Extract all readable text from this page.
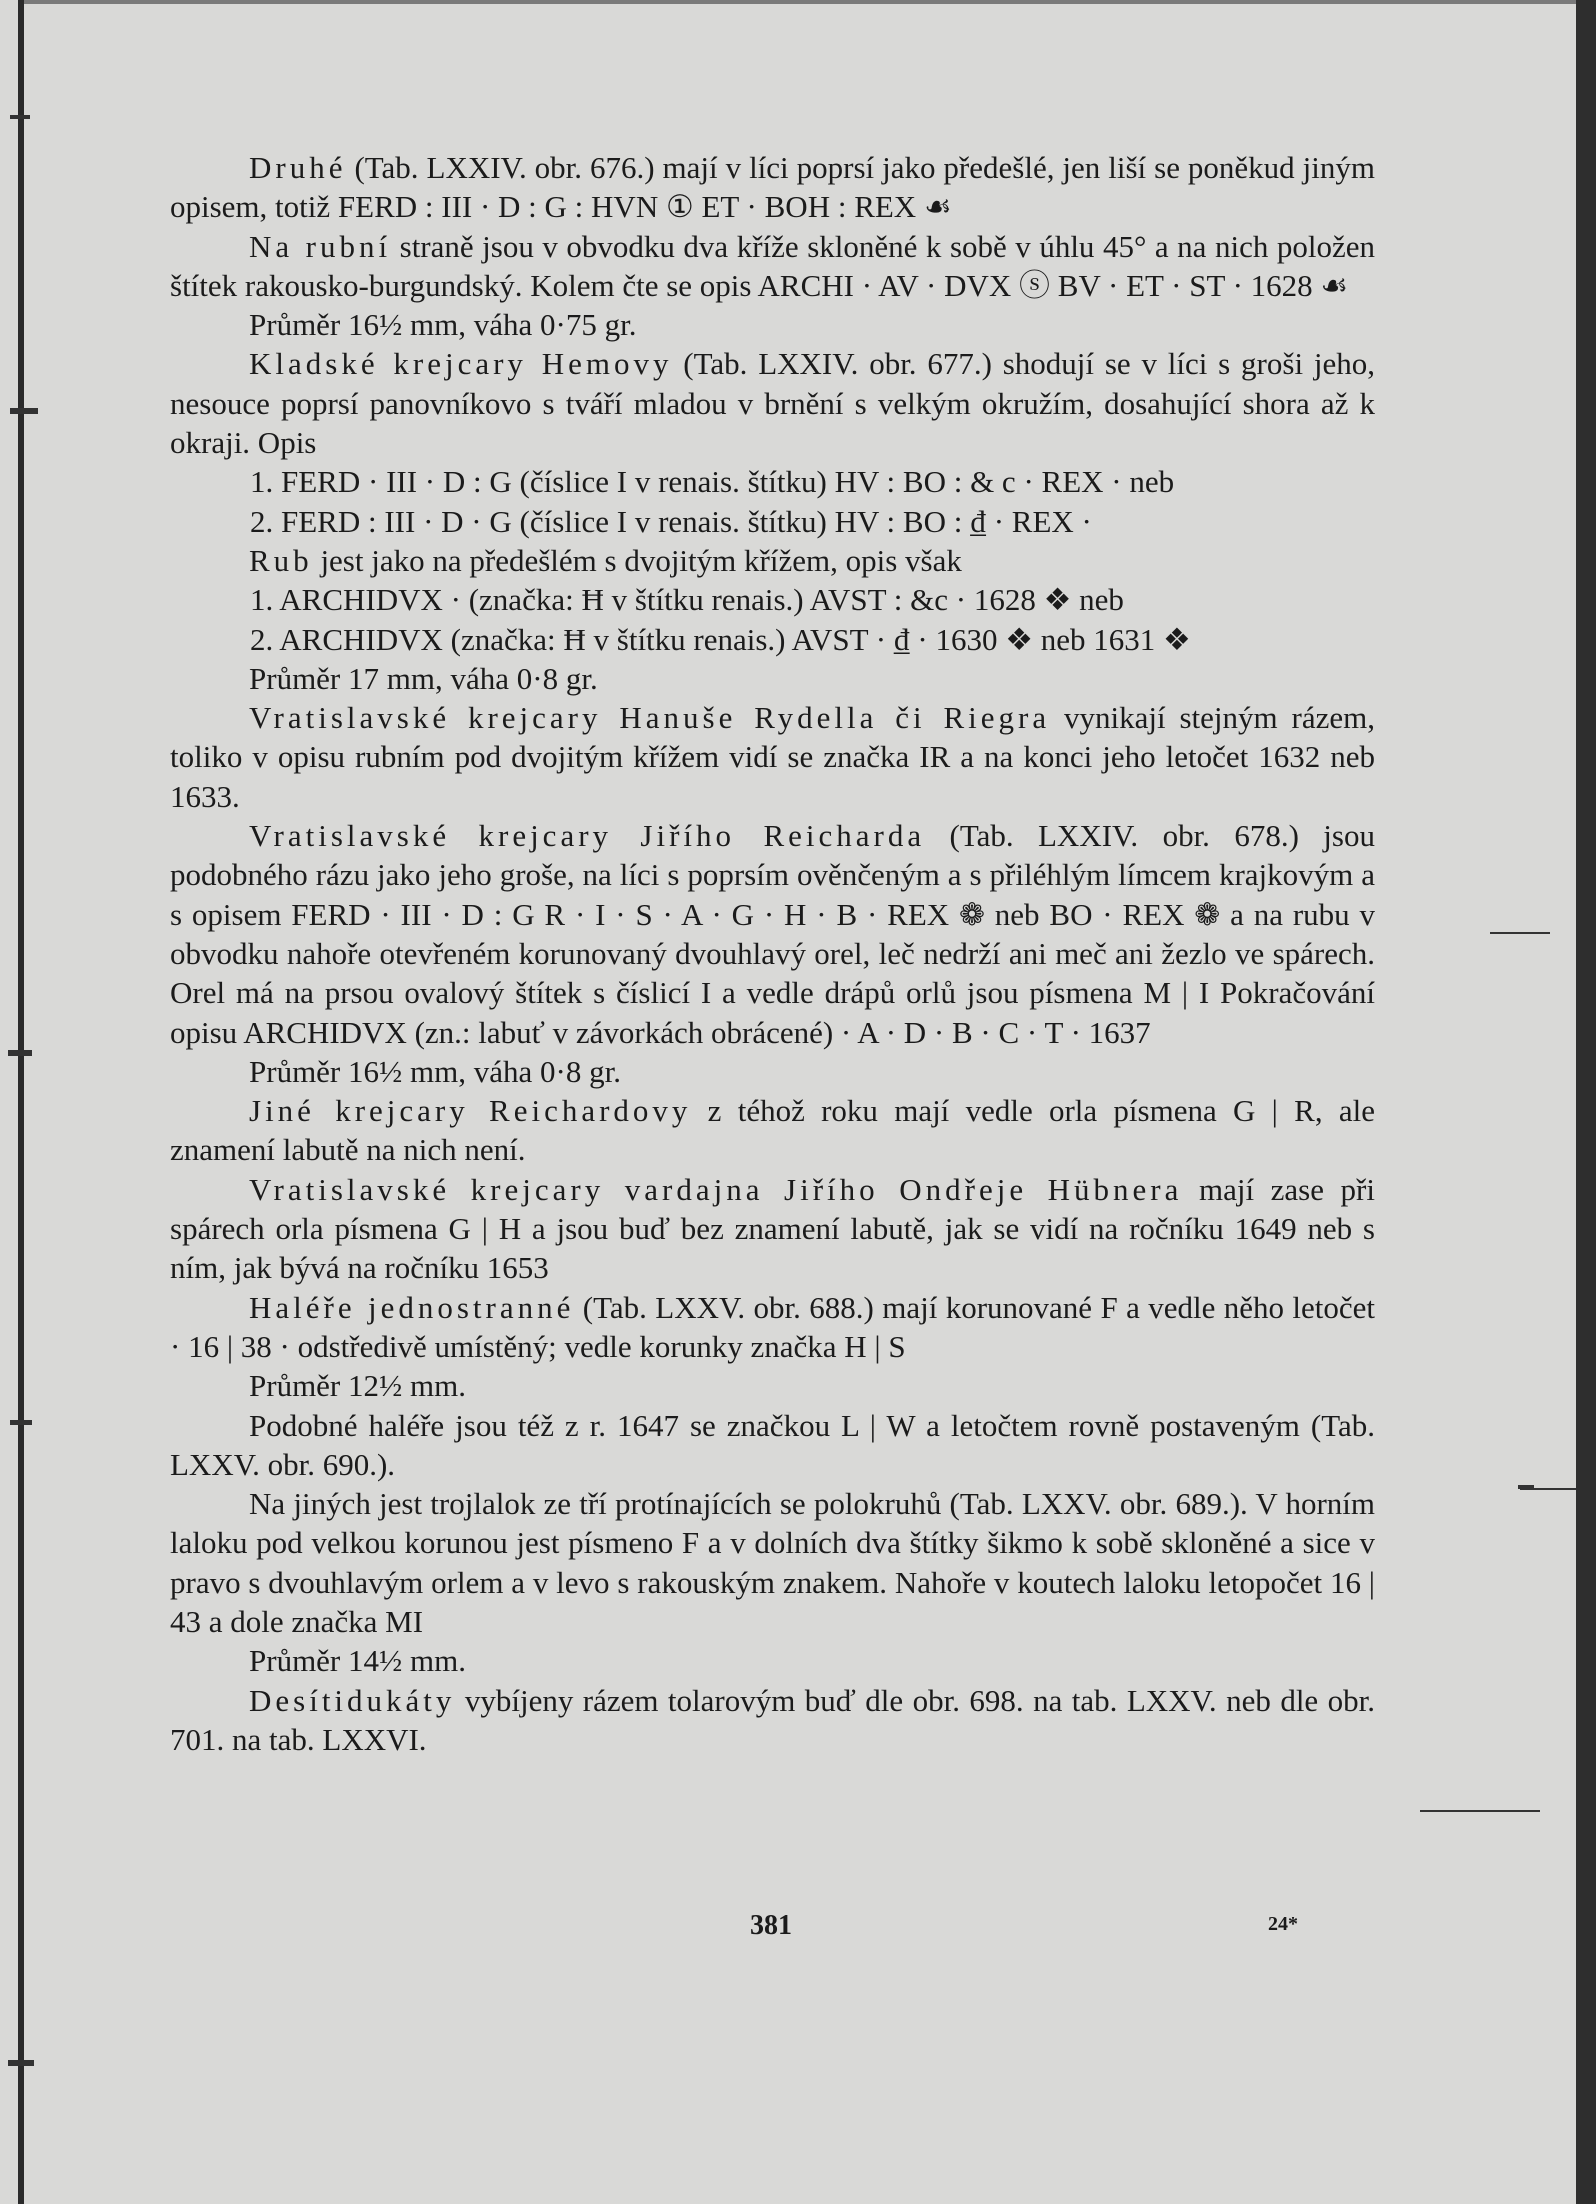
Druhé (Tab. LXXIV. obr. 676.) mají v líci poprsí jako předešlé, jen liší se poněkud jiným opisem, totiž FERD : III · D : G : HVN ① ET · BOH : REX ☙

Na rubní straně jsou v obvodku dva kříže skloněné k sobě v úhlu 45° a na nich položen štítek rakousko-burgundský. Kolem čte se opis ARCHI · AV · DVX ⓢ BV · ET · ST · 1628 ☙

Průměr 16½ mm, váha 0·75 gr.

Kladské krejcary Hemovy (Tab. LXXIV. obr. 677.) shodují se v líci s groši jeho, nesouce poprsí panovníkovo s tváří mladou v brnění s velkým okružím, dosahující shora až k okraji. Opis

1. FERD · III · D : G (číslice I v renais. štítku) HV : BO : & c · REX · neb

2. FERD : III · D · G (číslice I v renais. štítku) HV : BO : ₫ · REX ·

Rub jest jako na předešlém s dvojitým křížem, opis však

1. ARCHIDVX · (značka: Ħ v štítku renais.) AVST : &c · 1628 ❖ neb

2. ARCHIDVX (značka: Ħ v štítku renais.) AVST · ₫ · 1630 ❖ neb 1631 ❖

Průměr 17 mm, váha 0·8 gr.

Vratislavské krejcary Hanuše Rydella či Riegra vynikají stejným rázem, toliko v opisu rubním pod dvojitým křížem vidí se značka IR a na konci jeho letočet 1632 neb 1633.

Vratislavské krejcary Jiřího Reicharda (Tab. LXXIV. obr. 678.) jsou podobného rázu jako jeho groše, na líci s poprsím ověnčeným a s přiléhlým límcem krajkovým a s opisem FERD · III · D : G R · I · S · A · G · H · B · REX ❁ neb BO · REX ❁ a na rubu v obvodku nahoře otevřeném korunovaný dvouhlavý orel, leč nedrží ani meč ani žezlo ve spárech. Orel má na prsou ovalový štítek s číslicí I a vedle drápů orlů jsou písmena M | I Pokračování opisu ARCHIDVX (zn.: labuť v závorkách obrácené) · A · D · B · C · T · 1637

Průměr 16½ mm, váha 0·8 gr.

Jiné krejcary Reichardovy z téhož roku mají vedle orla písmena G | R, ale znamení labutě na nich není.

Vratislavské krejcary vardajna Jiřího Ondřeje Hübnera mají zase při spárech orla písmena G | H a jsou buď bez znamení labutě, jak se vidí na ročníku 1649 neb s ním, jak bývá na ročníku 1653

Haléře jednostranné (Tab. LXXV. obr. 688.) mají korunované F a vedle něho letočet · 16 | 38 · odstředivě umístěný; vedle korunky značka H | S

Průměr 12½ mm.

Podobné haléře jsou též z r. 1647 se značkou L | W a letočtem rovně postaveným (Tab. LXXV. obr. 690.).

Na jiných jest trojlalok ze tří protínajících se polokruhů (Tab. LXXV. obr. 689.). V horním laloku pod velkou korunou jest písmeno F a v dolních dva štítky šikmo k sobě skloněné a sice v pravo s dvouhlavým orlem a v levo s rakouským znakem. Nahoře v koutech laloku letopočet 16 | 43 a dole značka MI

Průměr 14½ mm.

Desítidukáty vybíjeny rázem tolarovým buď dle obr. 698. na tab. LXXV. neb dle obr. 701. na tab. LXXVI.

381	24*
